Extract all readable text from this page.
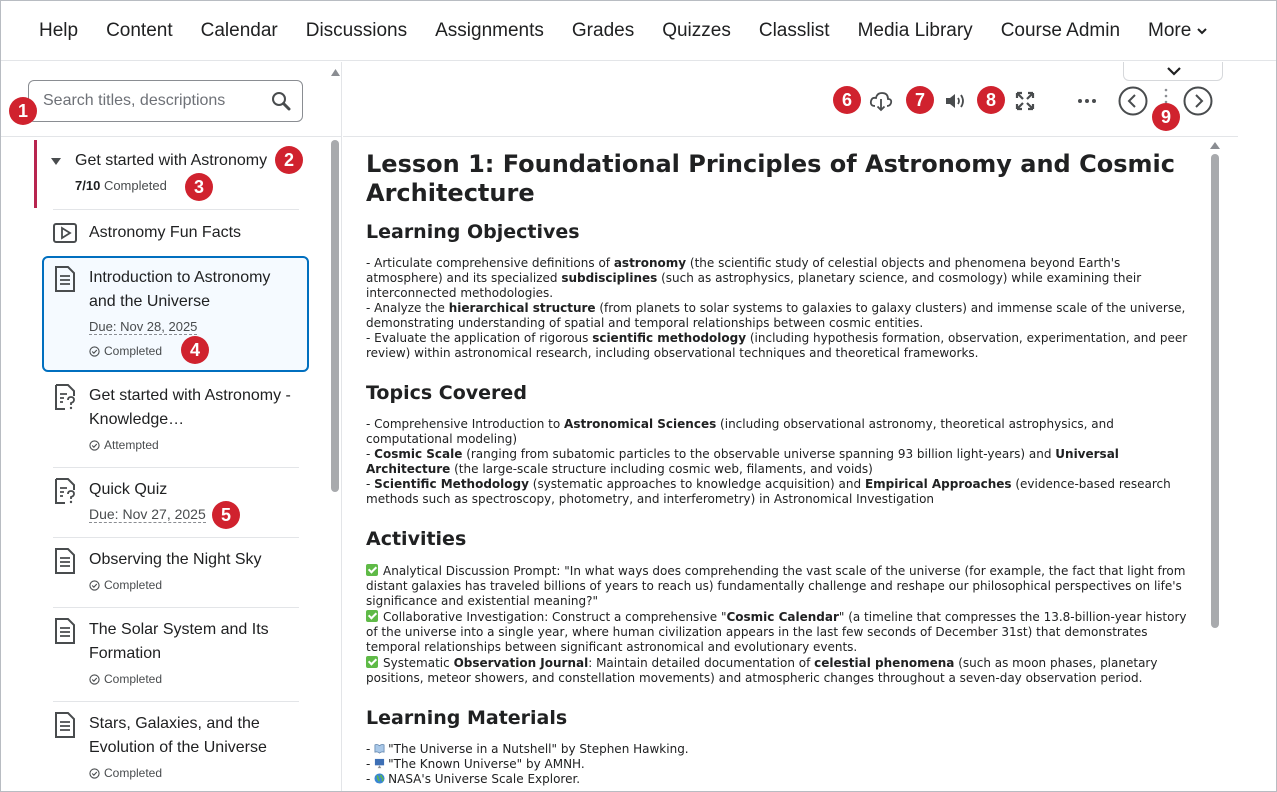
Help	Content	Calendar	Discussions	Assignments	Grades	Quizzes	Classlist	Media Library	Course Admin	More
Search titles, descriptions
Get started with Astronomy
7/10 Completed
Astronomy Fun Facts
Introduction to Astronomy and the Universe
Due: Nov 28, 2025
Completed
Get started with Astronomy - Knowledge…
Attempted
Quick Quiz
Due: Nov 27, 2025
Observing the Night Sky
Completed
The Solar System and Its Formation
Completed
Stars, Galaxies, and the Evolution of the Universe
Completed
Lesson 1: Foundational Principles of Astronomy and Cosmic Architecture
Learning Objectives
- Articulate comprehensive definitions of astronomy (the scientific study of celestial objects and phenomena beyond Earth's
atmosphere) and its specialized subdisciplines (such as astrophysics, planetary science, and cosmology) while examining their
interconnected methodologies.
- Analyze the hierarchical structure (from planets to solar systems to galaxies to galaxy clusters) and immense scale of the universe,
demonstrating understanding of spatial and temporal relationships between cosmic entities.
- Evaluate the application of rigorous scientific methodology (including hypothesis formation, observation, experimentation, and peer
review) within astronomical research, including observational techniques and theoretical frameworks.
Topics Covered
- Comprehensive Introduction to Astronomical Sciences (including observational astronomy, theoretical astrophysics, and
computational modeling)
- Cosmic Scale (ranging from subatomic particles to the observable universe spanning 93 billion light-years) and Universal
Architecture (the large-scale structure including cosmic web, filaments, and voids)
- Scientific Methodology (systematic approaches to knowledge acquisition) and Empirical Approaches (evidence-based research
methods such as spectroscopy, photometry, and interferometry) in Astronomical Investigation
Activities
Analytical Discussion Prompt: "In what ways does comprehending the vast scale of the universe (for example, the fact that light from
distant galaxies has traveled billions of years to reach us) fundamentally challenge and reshape our philosophical perspectives on life's
significance and existential meaning?"
Collaborative Investigation: Construct a comprehensive "Cosmic Calendar" (a timeline that compresses the 13.8-billion-year history
of the universe into a single year, where human civilization appears in the last few seconds of December 31st) that demonstrates
temporal relationships between significant astronomical and evolutionary events.
Systematic Observation Journal: Maintain detailed documentation of celestial phenomena (such as moon phases, planetary
positions, meteor showers, and constellation movements) and atmospheric changes throughout a seven-day observation period.
Learning Materials
- "The Universe in a Nutshell" by Stephen Hawking.
- "The Known Universe" by AMNH.
- NASA's Universe Scale Explorer.
1
2
3
4
5
6	7	8
9
